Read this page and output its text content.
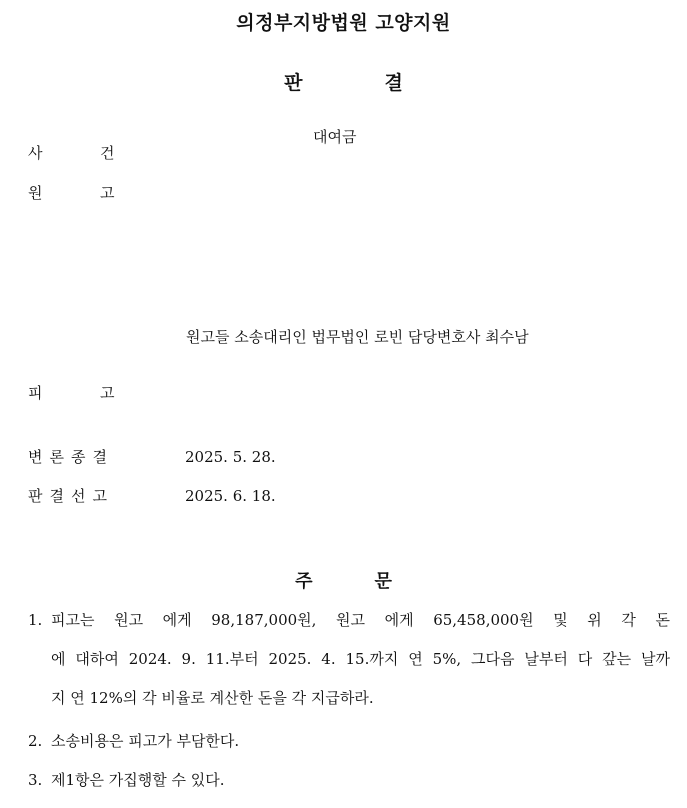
의정부지방법원 고양지원
판	결
사	건
대여금
원	고
원고들 소송대리인 법무법인 로빈 담당변호사 최수남
피	고
변론종결	2025. 5. 28.
판결선고	2025. 6. 18.
주	문
1. 피고는 원고 에게 98,187,000원, 원고 에게 65,458,000원 및 위 각 돈
에 대하여 2024. 9. 11.부터 2025. 4. 15.까지 연 5%, 그다음 날부터 다 갚는 날까
지 연 12%의 각 비율로 계산한 돈을 각 지급하라.
2. 소송비용은 피고가 부담한다.
3. 제1항은 가집행할 수 있다.
